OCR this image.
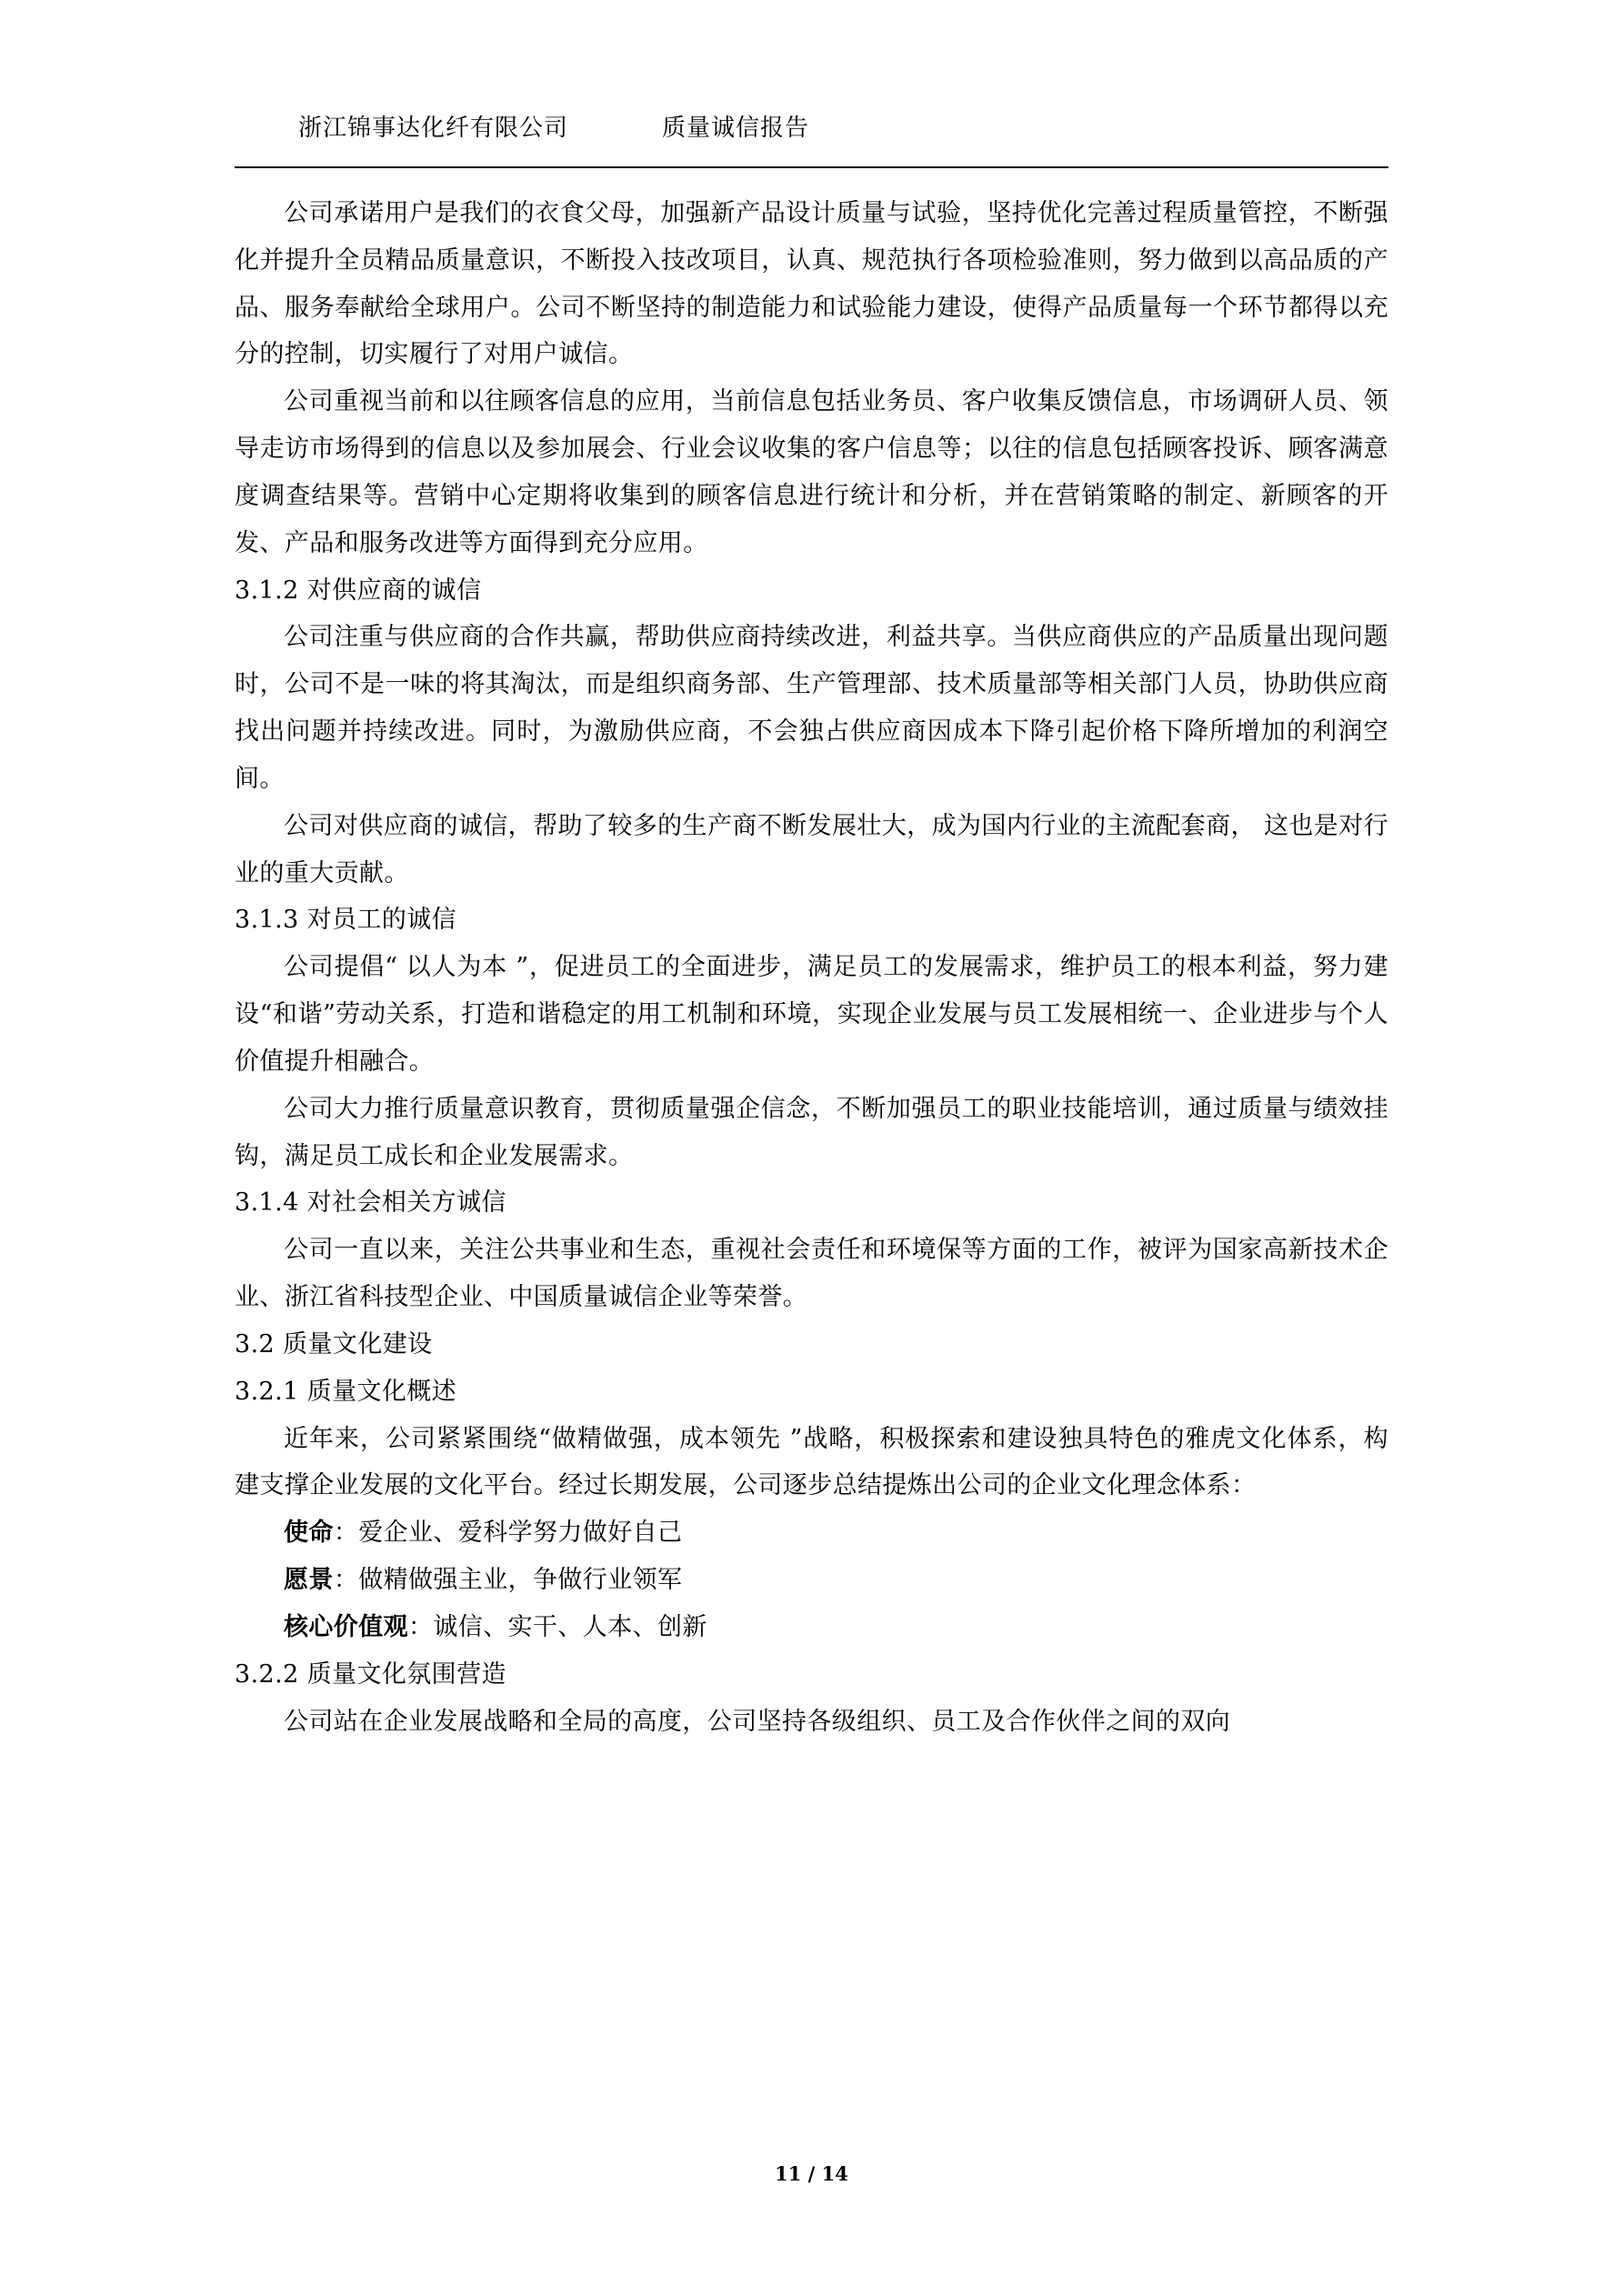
浙江锦事达化纤有限公司	质量诚信报告

公司承诺用户是我们的衣食父母，加强新产品设计质量与试验，坚持优化完善过程质量管控，不断强化并提升全员精品质量意识，不断投入技改项目，认真、规范执行各项检验准则，努力做到以高品质的产品、服务奉献给全球用户。公司不断坚持的制造能力和试验能力建设，使得产品质量每一个环节都得以充分的控制，切实履行了对用户诚信。

公司重视当前和以往顾客信息的应用，当前信息包括业务员、客户收集反馈信息，市场调研人员、领导走访市场得到的信息以及参加展会、行业会议收集的客户信息等；以往的信息包括顾客投诉、顾客满意度调查结果等。营销中心定期将收集到的顾客信息进行统计和分析，并在营销策略的制定、新顾客的开发、产品和服务改进等方面得到充分应用。

3.1.2 对供应商的诚信

公司注重与供应商的合作共赢，帮助供应商持续改进，利益共享。当供应商供应的产品质量出现问题时，公司不是一味的将其淘汰，而是组织商务部、生产管理部、技术质量部等相关部门人员，协助供应商找出问题并持续改进。同时，为激励供应商，不会独占供应商因成本下降引起价格下降所增加的利润空间。

公司对供应商的诚信，帮助了较多的生产商不断发展壮大，成为国内行业的主流配套商， 这也是对行业的重大贡献。

3.1.3 对员工的诚信

公司提倡“ 以人为本 ”，促进员工的全面进步，满足员工的发展需求，维护员工的根本利益，努力建设“和谐”劳动关系，打造和谐稳定的用工机制和环境，实现企业发展与员工发展相统一、企业进步与个人价值提升相融合。

公司大力推行质量意识教育，贯彻质量强企信念，不断加强员工的职业技能培训，通过质量与绩效挂钩，满足员工成长和企业发展需求。

3.1.4 对社会相关方诚信

公司一直以来，关注公共事业和生态，重视社会责任和环境保等方面的工作，被评为国家高新技术企业、浙江省科技型企业、中国质量诚信企业等荣誉。

3.2 质量文化建设

3.2.1 质量文化概述

近年来，公司紧紧围绕“做精做强，成本领先 ”战略，积极探索和建设独具特色的雅虎文化体系，构建支撑企业发展的文化平台。经过长期发展，公司逐步总结提炼出公司的企业文化理念体系：

使命：爱企业、爱科学努力做好自己

愿景：做精做强主业，争做行业领军

核心价值观：诚信、实干、人本、创新

3.2.2 质量文化氛围营造

公司站在企业发展战略和全局的高度，公司坚持各级组织、员工及合作伙伴之间的双向

11 / 14
